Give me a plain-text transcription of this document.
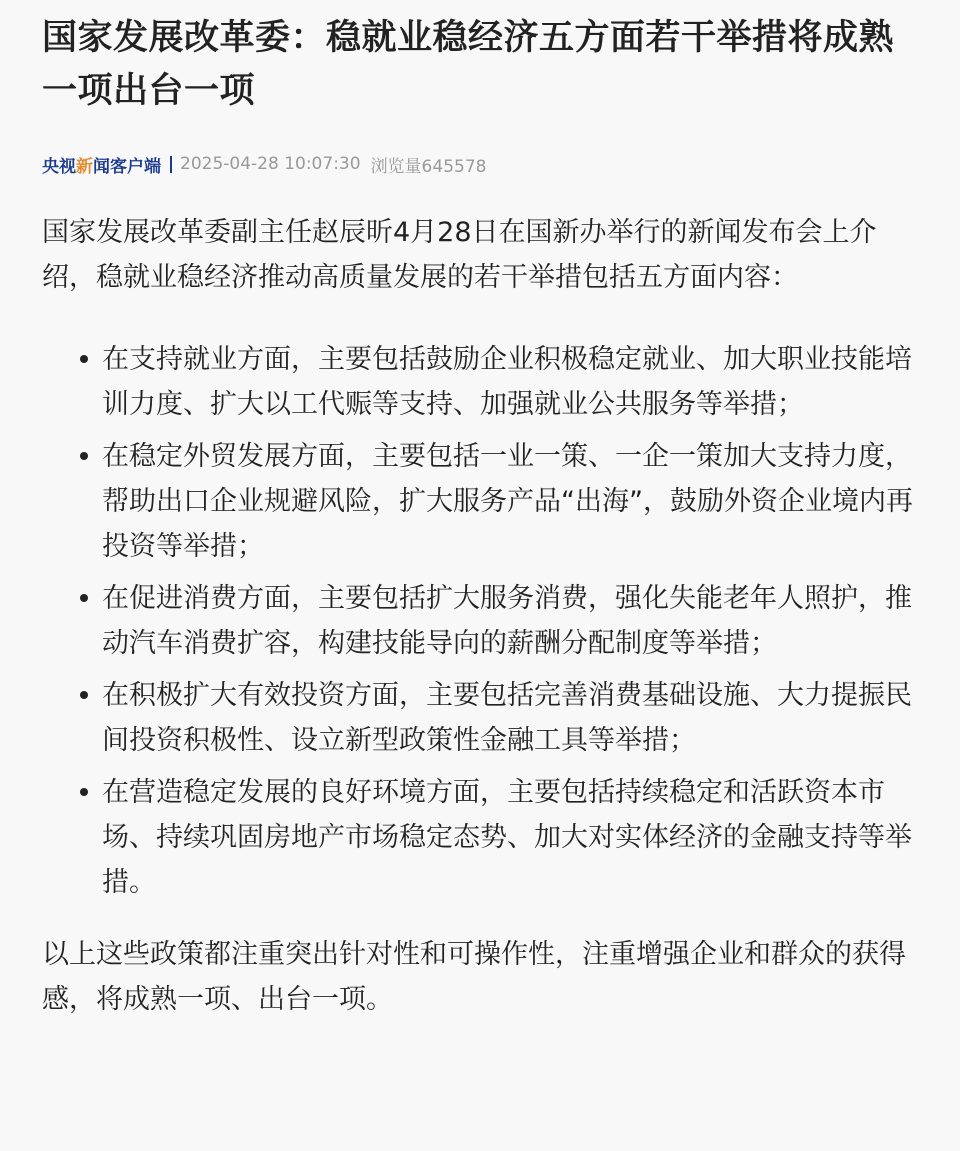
国家发展改革委：稳就业稳经济五方面若干举措将成熟一项出台一项
央视 新 闻客户端 2025-04-28 10:07:30 浏览量645578

国家发展改革委副主任赵辰昕4月28日在国新办举行的新闻发布会上介绍，稳就业稳经济推动高质量发展的若干举措包括五方面内容：

在支持就业方面，主要包括鼓励企业积极稳定就业、加大职业技能培训力度、扩大以工代赈等支持、加强就业公共服务等举措；
在稳定外贸发展方面，主要包括一业一策、一企一策加大支持力度，帮助出口企业规避风险，扩大服务产品“出海”，鼓励外资企业境内再投资等举措；
在促进消费方面，主要包括扩大服务消费，强化失能老年人照护，推动汽车消费扩容，构建技能导向的薪酬分配制度等举措；
在积极扩大有效投资方面，主要包括完善消费基础设施、大力提振民间投资积极性、设立新型政策性金融工具等举措；
在营造稳定发展的良好环境方面，主要包括持续稳定和活跃资本市场、持续巩固房地产市场稳定态势、加大对实体经济的金融支持等举措。

以上这些政策都注重突出针对性和可操作性，注重增强企业和群众的获得感，将成熟一项、出台一项。
